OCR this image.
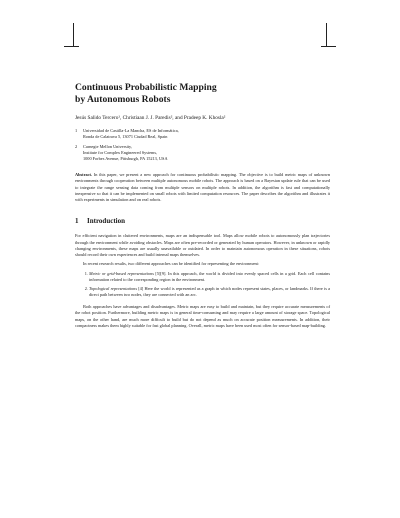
Continuous Probabilistic Mapping
by Autonomous Robots
Jesús Salido Tercero¹, Christiaan J. J. Paredis², and Pradeep K. Khosla²
1 Universidad de Castilla-La Mancha, ES de Informática,
Ronda de Calatrava 5, 13071 Ciudad Real, Spain
2 Carnegie Mellon University,
Institute for Complex Engineered Systems,
1000 Forbes Avenue, Pittsburgh, PA 15213, USA
Abstract. In this paper, we present a new approach for continuous probabilistic mapping. The objective is to build metric maps of unknown environments through cooperation between multiple autonomous mobile robots. The approach is based on a Bayesian update rule that can be used to integrate the range sensing data coming from multiple sensors on multiple robots. In addition, the algorithm is fast and computationally inexpensive so that it can be implemented on small robots with limited computation resources. The paper describes the algorithm and illustrates it with experiments in simulation and on real robots.
1 Introduction

For efficient navigation in cluttered environments, maps are an indispensable tool. Maps allow mobile robots to autonomously plan trajectories through the environment while avoiding obstacles. Maps are often pre-recorded or generated by human operators. However, in unknown or rapidly changing environments, these maps are usually unavailable or outdated. In order to maintain autonomous operation in these situations, robots should record their own experiences and build internal maps themselves.

In recent research results, two different approaches can be identified for representing the environment:

1. Metric or grid-based representations [5][9]. In this approach, the world is divided into evenly spaced cells in a grid. Each cell contains information related to the corresponding region in the environment.
2. Topological representations [4] Here the world is represented as a graph in which nodes represent states, places, or landmarks. If there is a direct path between two nodes, they are connected with an arc.

Both approaches have advantages and disadvantages. Metric maps are easy to build and maintain, but they require accurate measurements of the robot position. Furthermore, building metric maps is in general time-consuming and may require a large amount of storage space. Topological maps, on the other hand, are much more difficult to build but do not depend as much on accurate position measurements. In addition, their compactness makes them highly suitable for fast global planning. Overall, metric maps have been used most often for sensor-based map-building.
